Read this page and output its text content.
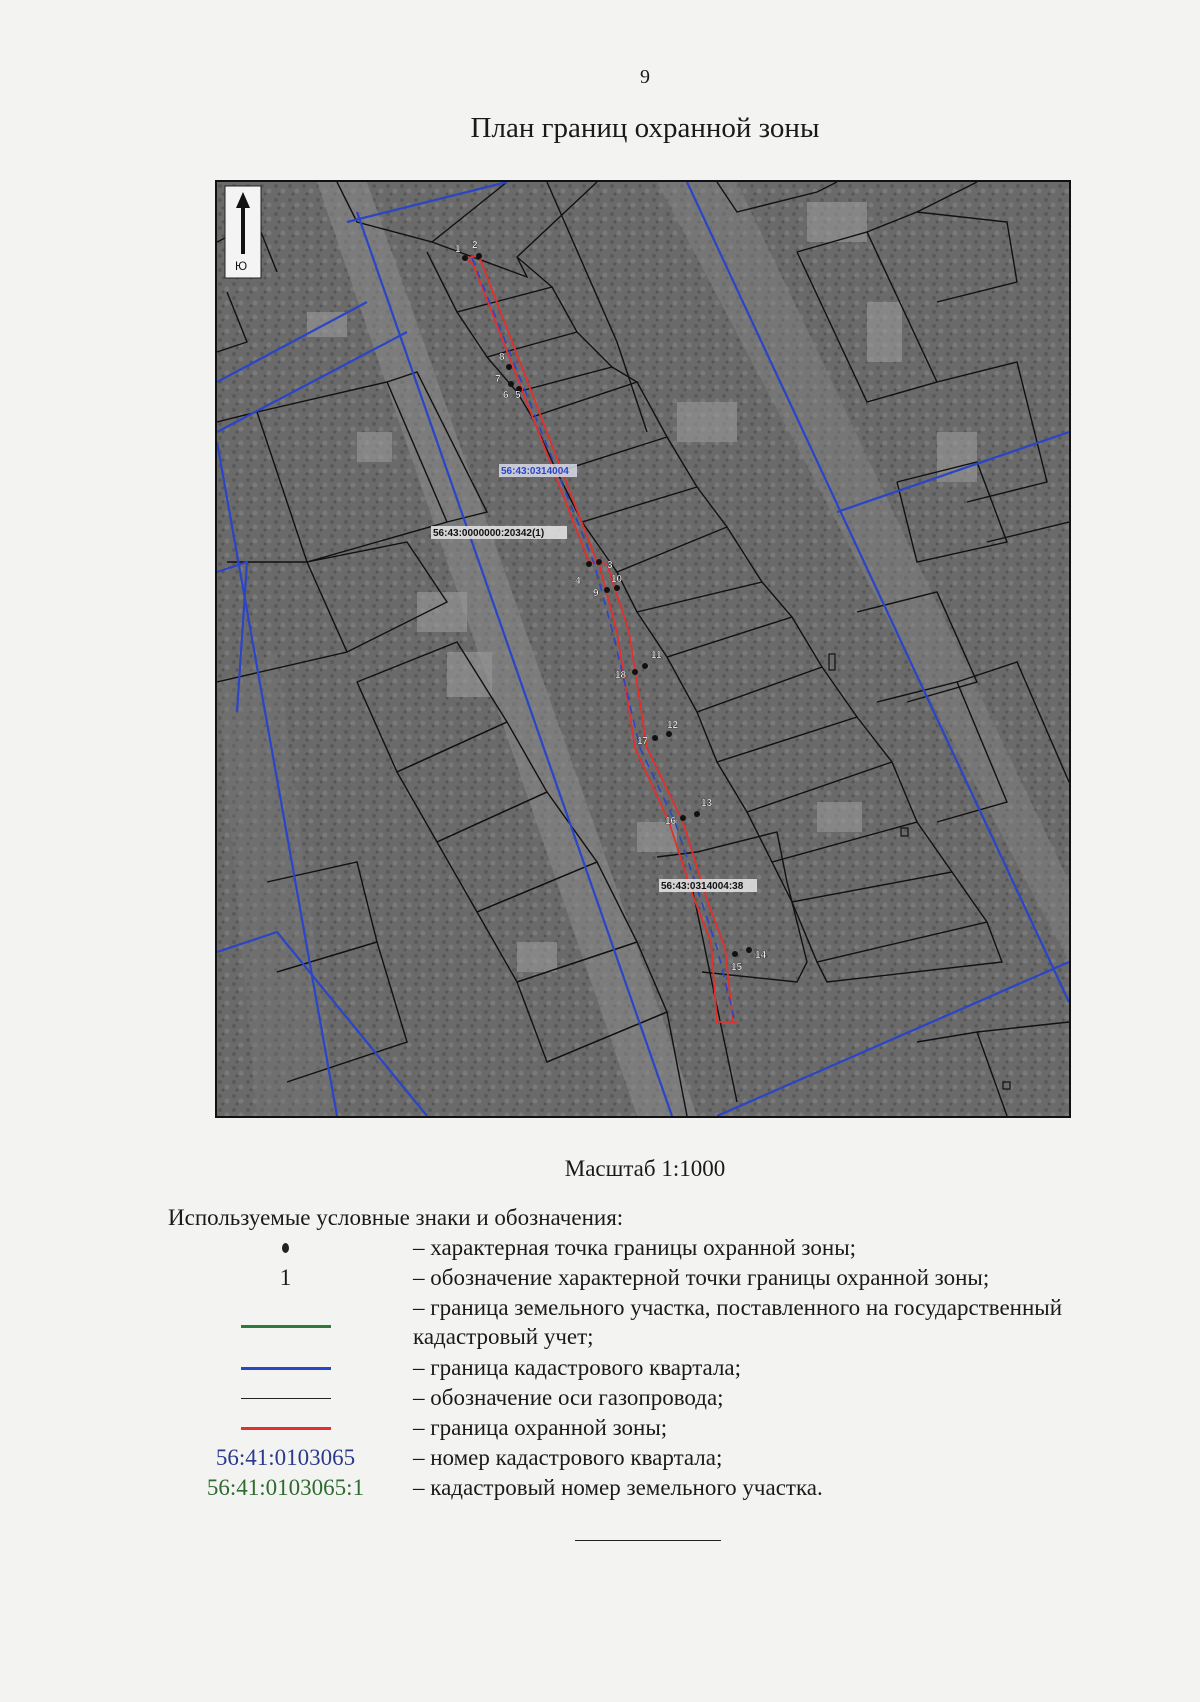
9
План границ охранной зоны
1 2
8
7
6 5
3
4
9
10
11
18
12
17
13
16
14
15
56:43:0314004
56:43:0000000:20342(1)
56:43:0314004:38
Ю
Масштаб 1:1000
Используемые условные знаки и обозначения:
– характерная точка границы охранной зоны;
1	– обозначение характерной точки границы охранной зоны;
– граница земельного участка, поставленного на государственный кадастровый учет;
– граница кадастрового квартала;
– обозначение оси газопровода;
– граница охранной зоны;
56:41:0103065	– номер кадастрового квартала;
56:41:0103065:1	– кадастровый номер земельного участка.
